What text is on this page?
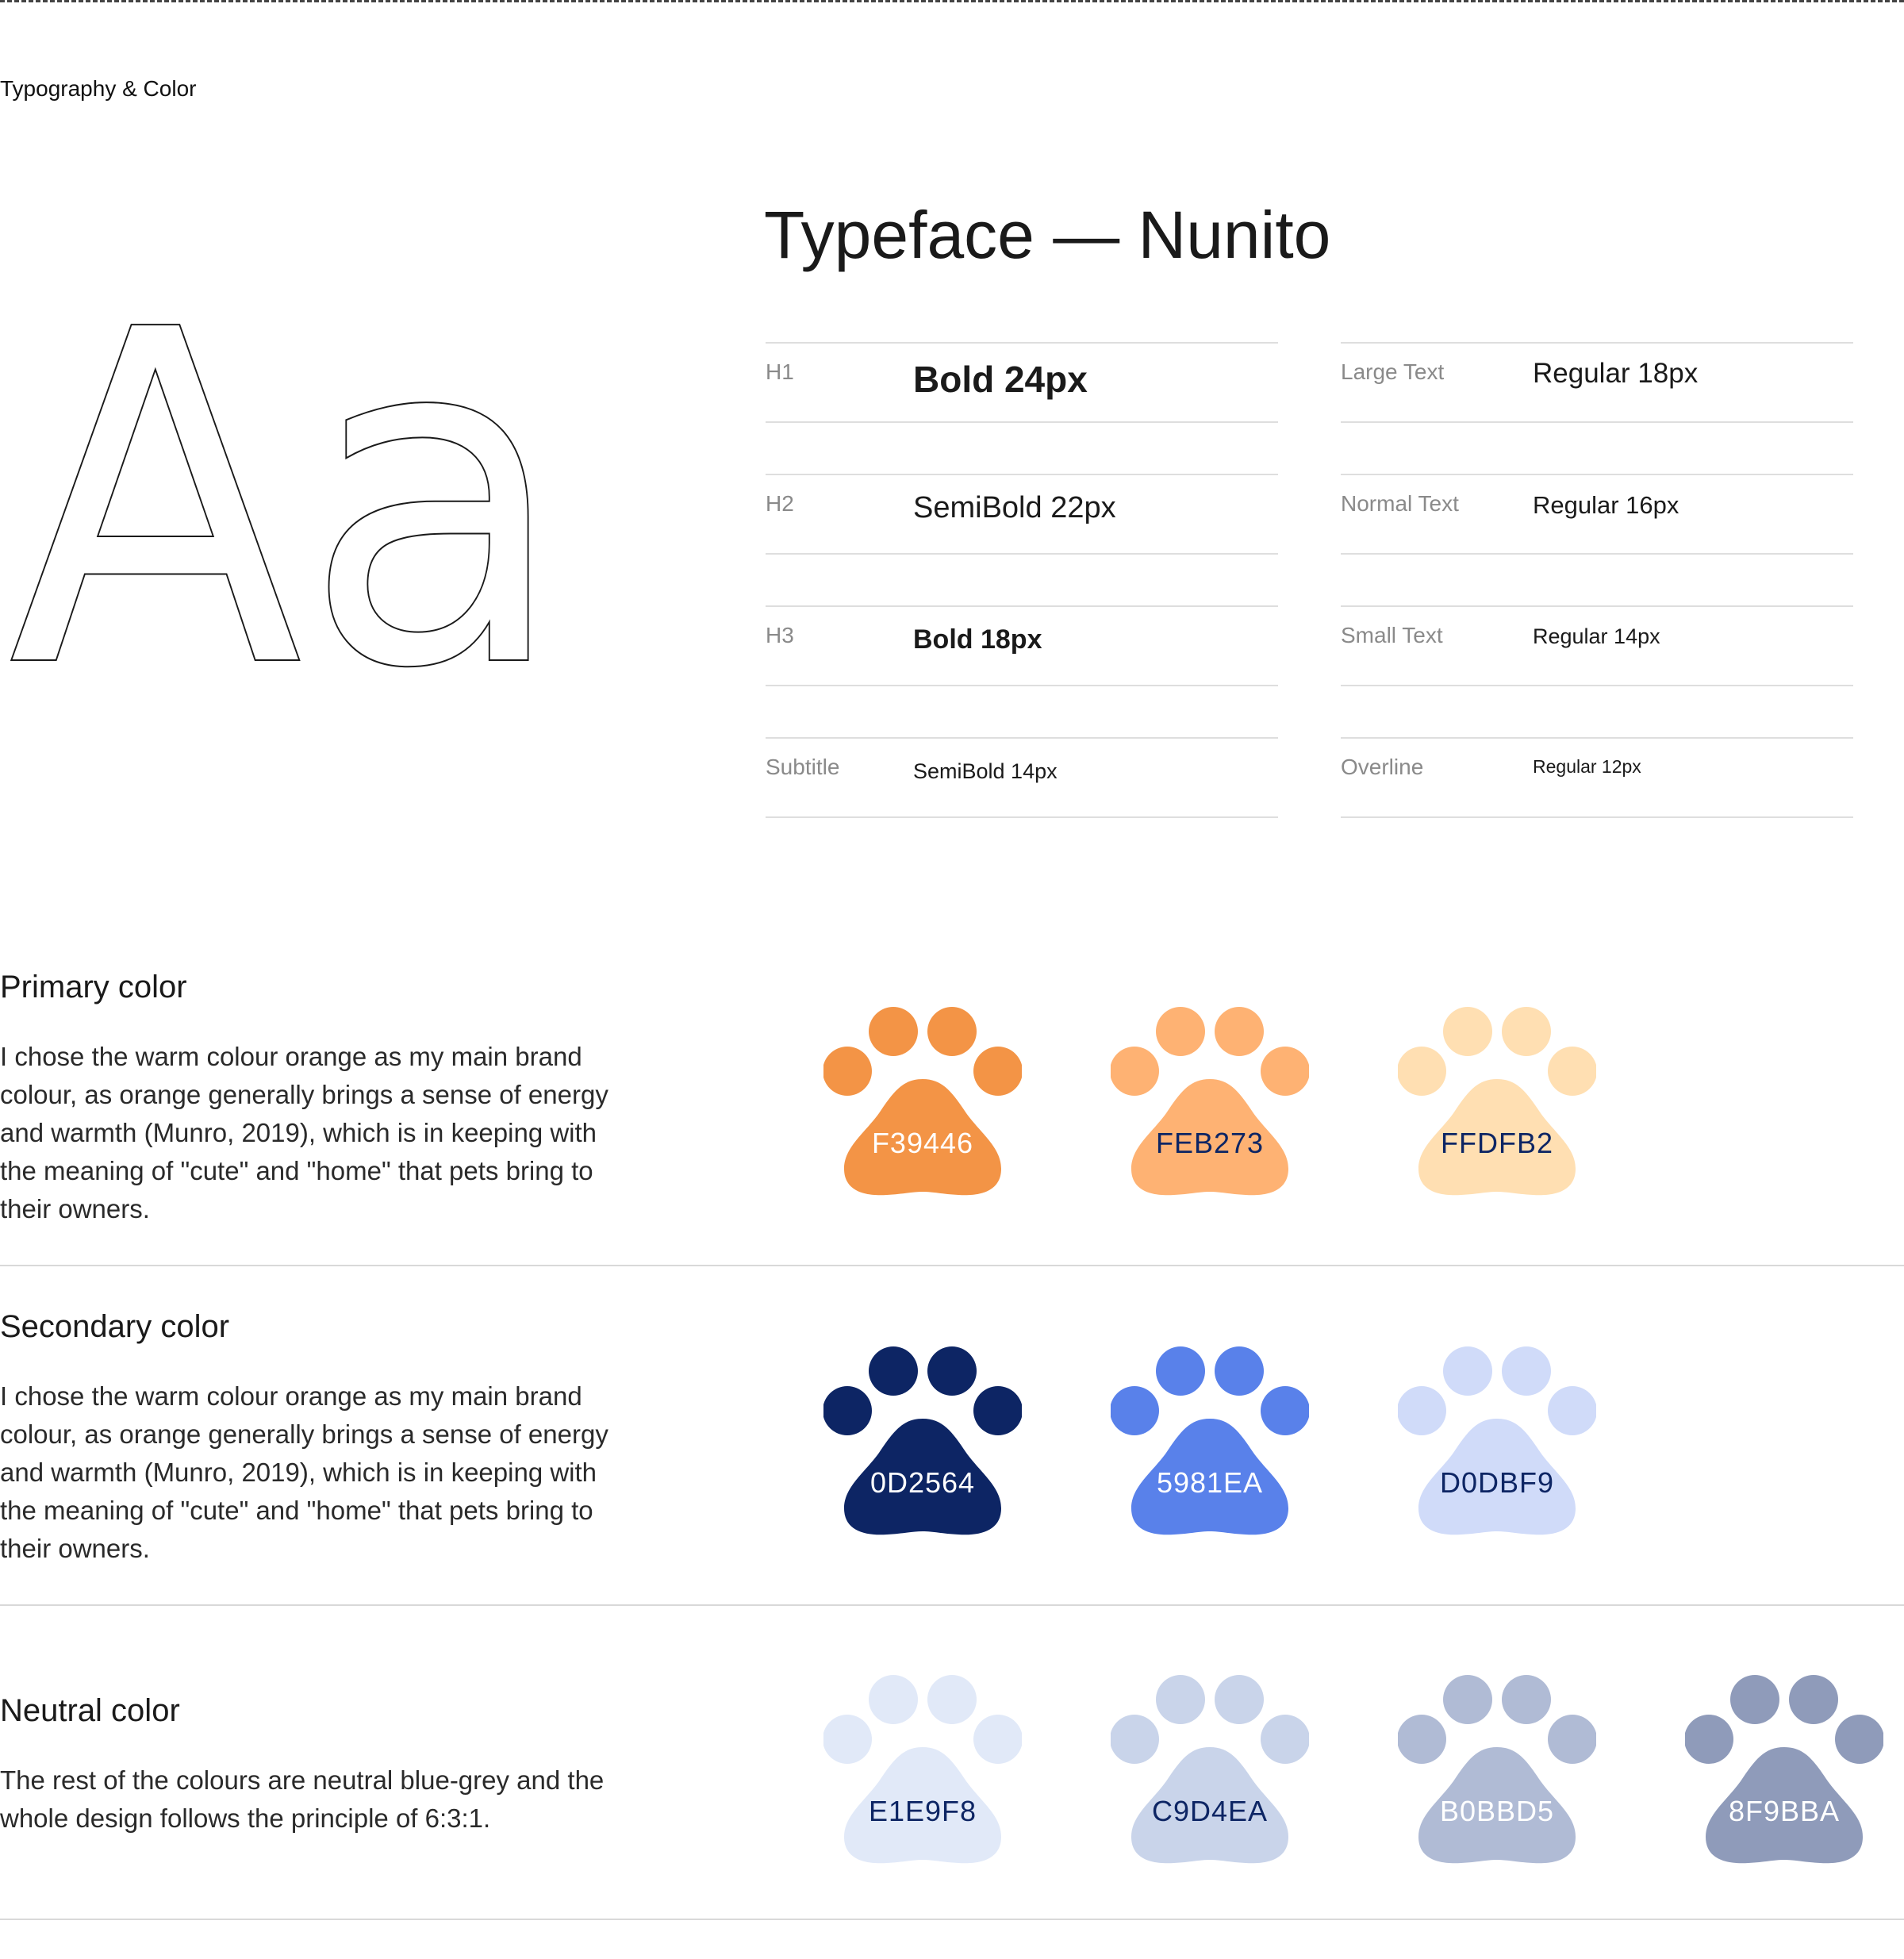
Typography & Color
Aa	Typeface — Nunito
H1	Bold 24px
H2	SemiBold 22px
H3	Bold 18px
Subtitle	SemiBold 14px
Large Text	Regular 18px
Normal Text	Regular 16px
Small Text	Regular 14px
Overline	Regular 12px
Primary color
I chose the warm colour orange as my main brand colour, as orange generally brings a sense of energy and warmth (Munro, 2019), which is in keeping with the meaning of "cute" and "home" that pets bring to their owners.
F39446	FEB273	FFDFB2
Secondary color
I chose the warm colour orange as my main brand colour, as orange generally brings a sense of energy and warmth (Munro, 2019), which is in keeping with the meaning of "cute" and "home" that pets bring to their owners.
0D2564	5981EA	D0DBF9
Neutral color
The rest of the colours are neutral blue-grey and the whole design follows the principle of 6:3:1.	E1E9F8	C9D4EA	B0BBD5	8F9BBA
